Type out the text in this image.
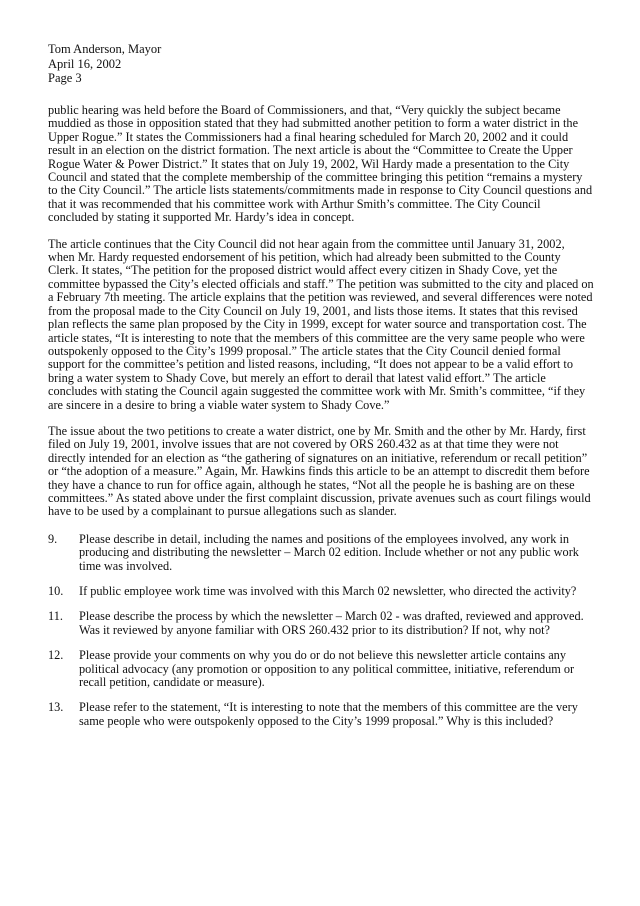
Tom Anderson, Mayor
April 16, 2002
Page 3

public hearing was held before the Board of Commissioners, and that, “Very quickly the subject became muddied as those in opposition stated that they had submitted another petition to form a water district in the Upper Rogue.” It states the Commissioners had a final hearing scheduled for March 20, 2002 and it could result in an election on the district formation. The next article is about the “Committee to Create the Upper Rogue Water & Power District.” It states that on July 19, 2002, Wil Hardy made a presentation to the City Council and stated that the complete membership of the committee bringing this petition “remains a mystery to the City Council.” The article lists statements/commitments made in response to City Council questions and that it was recommended that his committee work with Arthur Smith’s committee. The City Council concluded by stating it supported Mr. Hardy’s idea in concept.

The article continues that the City Council did not hear again from the committee until January 31, 2002, when Mr. Hardy requested endorsement of his petition, which had already been submitted to the County Clerk. It states, “The petition for the proposed district would affect every citizen in Shady Cove, yet the committee bypassed the City’s elected officials and staff.” The petition was submitted to the city and placed on a February 7th meeting. The article explains that the petition was reviewed, and several differences were noted from the proposal made to the City Council on July 19, 2001, and lists those items. It states that this revised plan reflects the same plan proposed by the City in 1999, except for water source and transportation cost. The article states, “It is interesting to note that the members of this committee are the very same people who were outspokenly opposed to the City’s 1999 proposal.” The article states that the City Council denied formal support for the committee’s petition and listed reasons, including, “It does not appear to be a valid effort to bring a water system to Shady Cove, but merely an effort to derail that latest valid effort.” The article concludes with stating the Council again suggested the committee work with Mr. Smith’s committee, “if they are sincere in a desire to bring a viable water system to Shady Cove.”

The issue about the two petitions to create a water district, one by Mr. Smith and the other by Mr. Hardy, first filed on July 19, 2001, involve issues that are not covered by ORS 260.432 as at that time they were not directly intended for an election as “the gathering of signatures on an initiative, referendum or recall petition” or “the adoption of a measure.” Again, Mr. Hawkins finds this article to be an attempt to discredit them before they have a chance to run for office again, although he states, “Not all the people he is bashing are on these committees.” As stated above under the first complaint discussion, private avenues such as court filings would have to be used by a complainant to pursue allegations such as slander.

9.	Please describe in detail, including the names and positions of the employees involved, any work in producing and distributing the newsletter – March 02 edition. Include whether or not any public work time was involved.
10.	If public employee work time was involved with this March 02 newsletter, who directed the activity?
11.	Please describe the process by which the newsletter – March 02 - was drafted, reviewed and approved. Was it reviewed by anyone familiar with ORS 260.432 prior to its distribution? If not, why not?
12.	Please provide your comments on why you do or do not believe this newsletter article contains any political advocacy (any promotion or opposition to any political committee, initiative, referendum or recall petition, candidate or measure).
13.	Please refer to the statement, “It is interesting to note that the members of this committee are the very same people who were outspokenly opposed to the City’s 1999 proposal.” Why is this included?
